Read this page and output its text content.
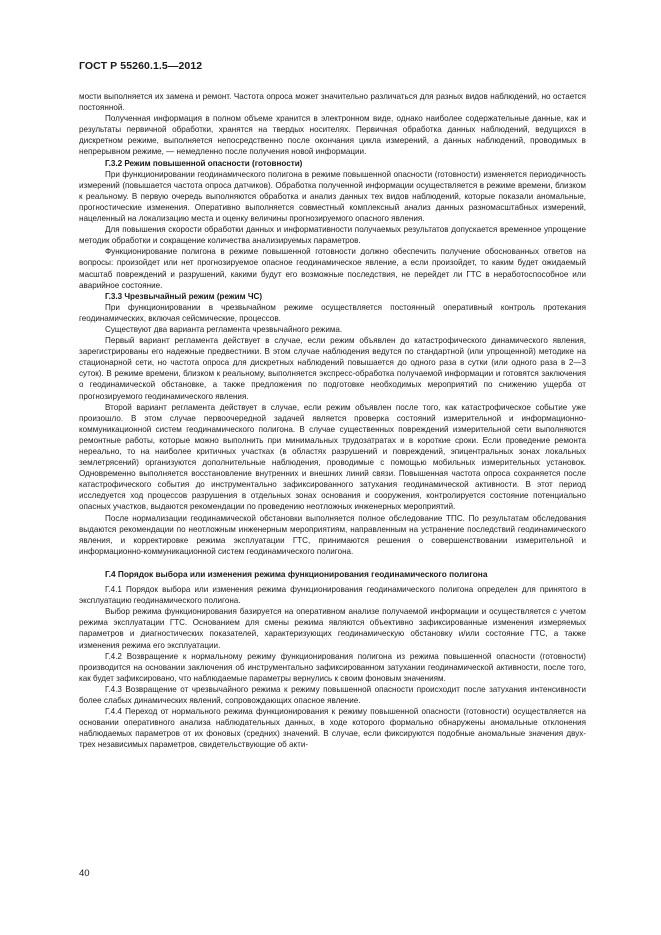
ГОСТ Р 55260.1.5—2012

мости выполняется их замена и ремонт. Частота опроса может значительно различаться для разных видов наблюдений, но остается постоянной.

Полученная информация в полном объеме хранится в электронном виде, однако наиболее содержательные данные, как и результаты первичной обработки, хранятся на твердых носителях. Первичная обработка данных наблюдений, ведущихся в дискретном режиме, выполняется непосредственно после окончания цикла измерений, а данных наблюдений, проводимых в непрерывном режиме, — немедленно после получения новой информации.

Г.3.2 Режим повышенной опасности (готовности)

При функционировании геодинамического полигона в режиме повышенной опасности (готовности) изменяется периодичность измерений (повышается частота опроса датчиков). Обработка полученной информации осуществляется в режиме времени, близком к реальному. В первую очередь выполняются обработка и анализ данных тех видов наблюдений, которые показали аномальные, прогностические изменения. Оперативно выполняется совместный комплексный анализ данных разномасштабных измерений, нацеленный на локализацию места и оценку величины прогнозируемого опасного явления.

Для повышения скорости обработки данных и информативности получаемых результатов допускается временное упрощение методик обработки и сокращение количества анализируемых параметров.

Функционирование полигона в режиме повышенной готовности должно обеспечить получение обоснованных ответов на вопросы: произойдет или нет прогнозируемое опасное геодинамическое явление, а если произойдет, то каким будет ожидаемый масштаб повреждений и разрушений, какими будут его возможные последствия, не перейдет ли ГТС в неработоспособное или аварийное состояние.

Г.3.3 Чрезвычайный режим (режим ЧС)

При функционировании в чрезвычайном режиме осуществляется постоянный оперативный контроль протекания геодинамических, включая сейсмические, процессов.

Существуют два варианта регламента чрезвычайного режима.

Первый вариант регламента действует в случае, если режим объявлен до катастрофического динамического явления, зарегистрированы его надежные предвестники. В этом случае наблюдения ведутся по стандартной (или упрощенной) методике на стационарной сети, но частота опроса для дискретных наблюдений повышается до одного раза в сутки (или одного раза в 2—3 суток). В режиме времени, близком к реальному, выполняется экспресс-обработка получаемой информации и готовятся заключения о геодинамической обстановке, а также предложения по подготовке необходимых мероприятий по снижению ущерба от прогнозируемого геодинамического явления.

Второй вариант регламента действует в случае, если режим объявлен после того, как катастрофическое событие уже произошло. В этом случае первоочередной задачей является проверка состояний измерительной и информационно-коммуникационной систем геодинамического полигона. В случае существенных повреждений измерительной сети выполняются ремонтные работы, которые можно выполнить при минимальных трудозатратах и в короткие сроки. Если проведение ремонта нереально, то на наиболее критичных участках (в областях разрушений и повреждений, эпицентральных зонах локальных землетрясений) организуются дополнительные наблюдения, проводимые с помощью мобильных измерительных установок. Одновременно выполняется восстановление внутренних и внешних линий связи. Повышенная частота опроса сохраняется после катастрофического события до инструментально зафиксированного затухания геодинамической активности. В этот период исследуется ход процессов разрушения в отдельных зонах основания и сооружения, контролируется состояние потенциально опасных участков, выдаются рекомендации по проведению неотложных инженерных мероприятий.

После нормализации геодинамической обстановки выполняется полное обследование ТПС. По результатам обследования выдаются рекомендации по неотложным инженерным мероприятиям, направленным на устранение последствий геодинамического явления, и корректировке режима эксплуатации ГТС, принимаются решения о совершенствовании измерительной и информационно-коммуникационной систем геодинамического полигона.

Г.4 Порядок выбора или изменения режима функционирования геодинамического полигона

Г.4.1 Порядок выбора или изменения режима функционирования геодинамического полигона определен для принятого в эксплуатацию геодинамического полигона.

Выбор режима функционирования базируется на оперативном анализе получаемой информации и осуществляется с учетом режима эксплуатации ГТС. Основанием для смены режима являются объективно зафиксированные изменения измеряемых параметров и диагностических показателей, характеризующих геодинамическую обстановку и/или состояние ГТС, а также изменения режима его эксплуатации.

Г.4.2 Возвращение к нормальному режиму функционирования полигона из режима повышенной опасности (готовности) производится на основании заключения об инструментально зафиксированном затухании геодинамической активности, после того, как будет зафиксировано, что наблюдаемые параметры вернулись к своим фоновым значениям.

Г.4.3 Возвращение от чрезвычайного режима к режиму повышенной опасности происходит после затухания интенсивности более слабых динамических явлений, сопровождающих опасное явление.

Г.4.4 Переход от нормального режима функционирования к режиму повышенной опасности (готовности) осуществляется на основании оперативного анализа наблюдательных данных, в ходе которого формально обнаружены аномальные отклонения наблюдаемых параметров от их фоновых (средних) значений. В случае, если фиксируются подобные аномальные значения двух-трех независимых параметров, свидетельствующие об акти-

40
